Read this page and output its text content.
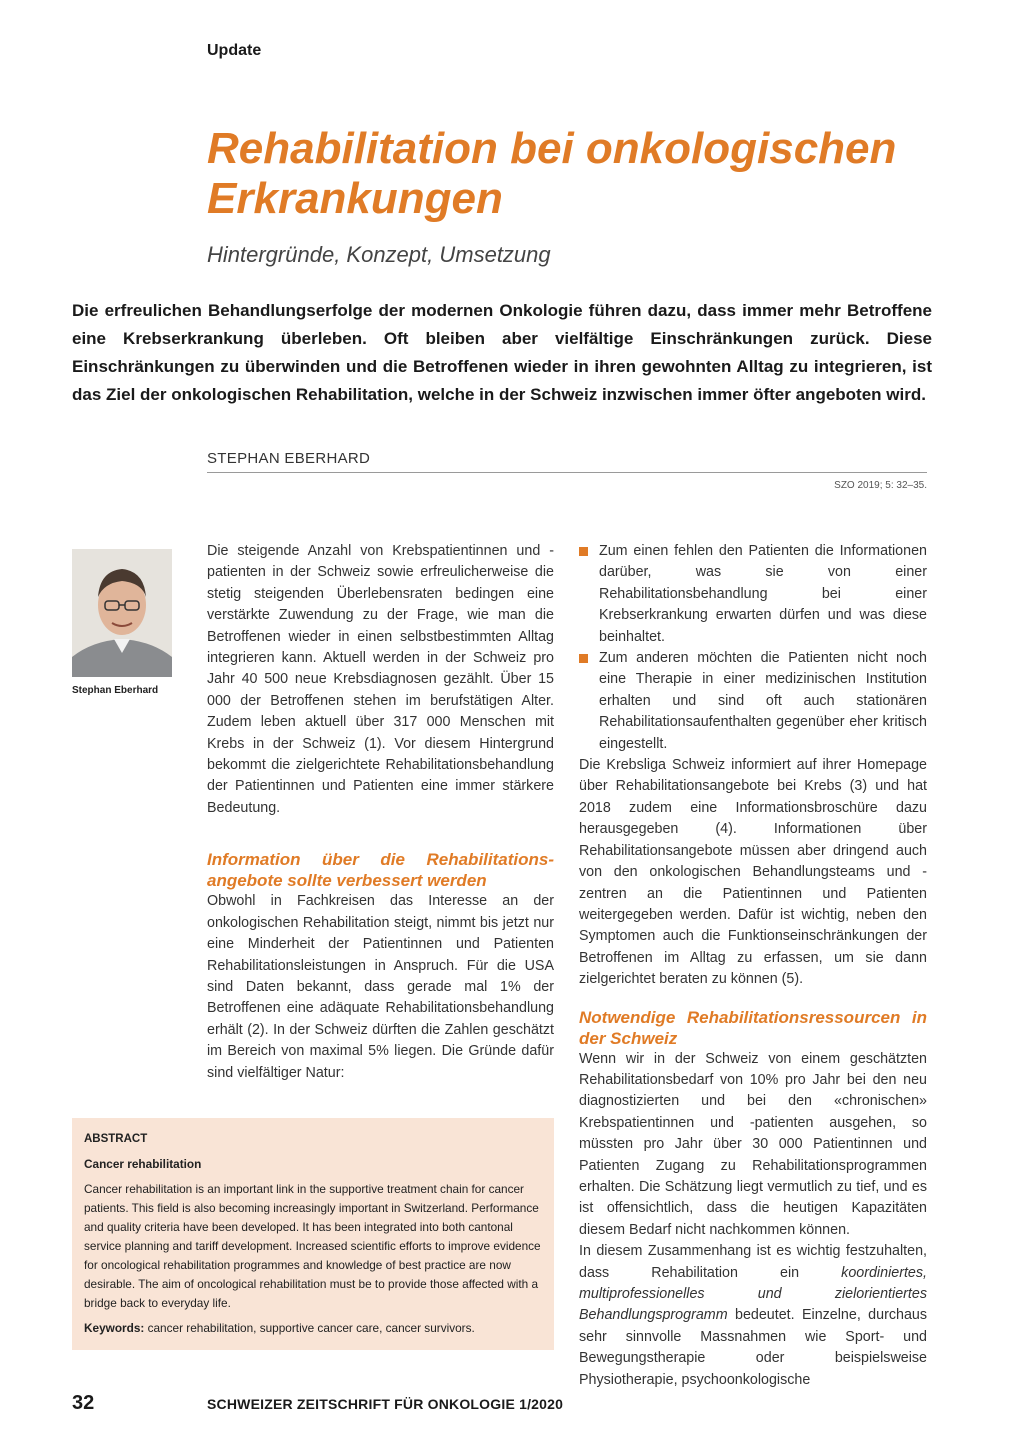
Update
Rehabilitation bei onkologischen Erkrankungen
Hintergründe, Konzept, Umsetzung

Die erfreulichen Behandlungserfolge der modernen Onkologie führen dazu, dass immer mehr Betroffene eine Krebserkrankung überleben. Oft bleiben aber vielfältige Einschränkungen zurück. Diese Einschränkungen zu überwinden und die Betroffenen wieder in ihren gewohnten Alltag zu integrieren, ist das Ziel der onkologischen Rehabilitation, welche in der Schweiz inzwischen immer öfter angeboten wird.

STEPHAN EBERHARD
SZO 2019; 5: 32–35.
Stephan Eberhard

Die steigende Anzahl von Krebspatientinnen und -patienten in der Schweiz sowie erfreulicherweise die stetig steigenden Überlebensraten bedingen eine verstärkte Zuwendung zu der Frage, wie man die Betroffenen wieder in einen selbstbestimmten Alltag integrieren kann. Aktuell werden in der Schweiz pro Jahr 40 500 neue Krebsdiagnosen gezählt. Über 15 000 der Betroffenen stehen im berufstätigen Alter. Zudem leben aktuell über 317 000 Menschen mit Krebs in der Schweiz (1). Vor diesem Hintergrund bekommt die zielgerichtete Rehabilitationsbehandlung der Patientinnen und Patienten eine immer stärkere Bedeutung.

Information über die Rehabilitations-angebote sollte verbessert werden

Obwohl in Fachkreisen das Interesse an der onkologischen Rehabilitation steigt, nimmt bis jetzt nur eine Minderheit der Patientinnen und Patienten Rehabilitationsleistungen in Anspruch. Für die USA sind Daten bekannt, dass gerade mal 1% der Betroffenen eine adäquate Rehabilitationsbehandlung erhält (2). In der Schweiz dürften die Zahlen geschätzt im Bereich von maximal 5% liegen. Die Gründe dafür sind vielfältiger Natur:

Zum einen fehlen den Patienten die Informationen darüber, was sie von einer Rehabilitationsbehandlung bei einer Krebserkrankung erwarten dürfen und was diese beinhaltet.
Zum anderen möchten die Patienten nicht noch eine Therapie in einer medizinischen Institution erhalten und sind oft auch stationären Rehabilitationsaufenthalten gegenüber eher kritisch eingestellt.

Die Krebsliga Schweiz informiert auf ihrer Homepage über Rehabilitationsangebote bei Krebs (3) und hat 2018 zudem eine Informationsbroschüre dazu herausgegeben (4). Informationen über Rehabilitationsangebote müssen aber dringend auch von den onkologischen Behandlungsteams und -zentren an die Patientinnen und Patienten weitergegeben werden. Dafür ist wichtig, neben den Symptomen auch die Funktionseinschränkungen der Betroffenen im Alltag zu erfassen, um sie dann zielgerichtet beraten zu können (5).

Notwendige Rehabilitationsressourcen in der Schweiz

Wenn wir in der Schweiz von einem geschätzten Rehabilitationsbedarf von 10% pro Jahr bei den neu diagnostizierten und bei den «chronischen» Krebspatientinnen und -patienten ausgehen, so müssten pro Jahr über 30 000 Patientinnen und Patienten Zugang zu Rehabilitationsprogrammen erhalten. Die Schätzung liegt vermutlich zu tief, und es ist offensichtlich, dass die heutigen Kapazitäten diesem Bedarf nicht nachkommen können.

In diesem Zusammenhang ist es wichtig festzuhalten, dass Rehabilitation ein koordiniertes, multiprofessionelles und zielorientiertes Behandlungsprogramm bedeutet. Einzelne, durchaus sehr sinnvolle Massnahmen wie Sport- und Bewegungstherapie oder beispielsweise Physiotherapie, psychoonkologische

ABSTRACT
Cancer rehabilitation
Cancer rehabilitation is an important link in the supportive treatment chain for cancer patients. This field is also becoming increasingly important in Switzerland. Performance and quality criteria have been developed. It has been integrated into both cantonal service planning and tariff development. Increased scientific efforts to improve evidence for oncological rehabilitation programmes and knowledge of best practice are now desirable. The aim of oncological rehabilitation must be to provide those affected with a bridge back to everyday life.
Keywords: cancer rehabilitation, supportive cancer care, cancer survivors.
32	SCHWEIZER ZEITSCHRIFT FÜR ONKOLOGIE 1/2020
